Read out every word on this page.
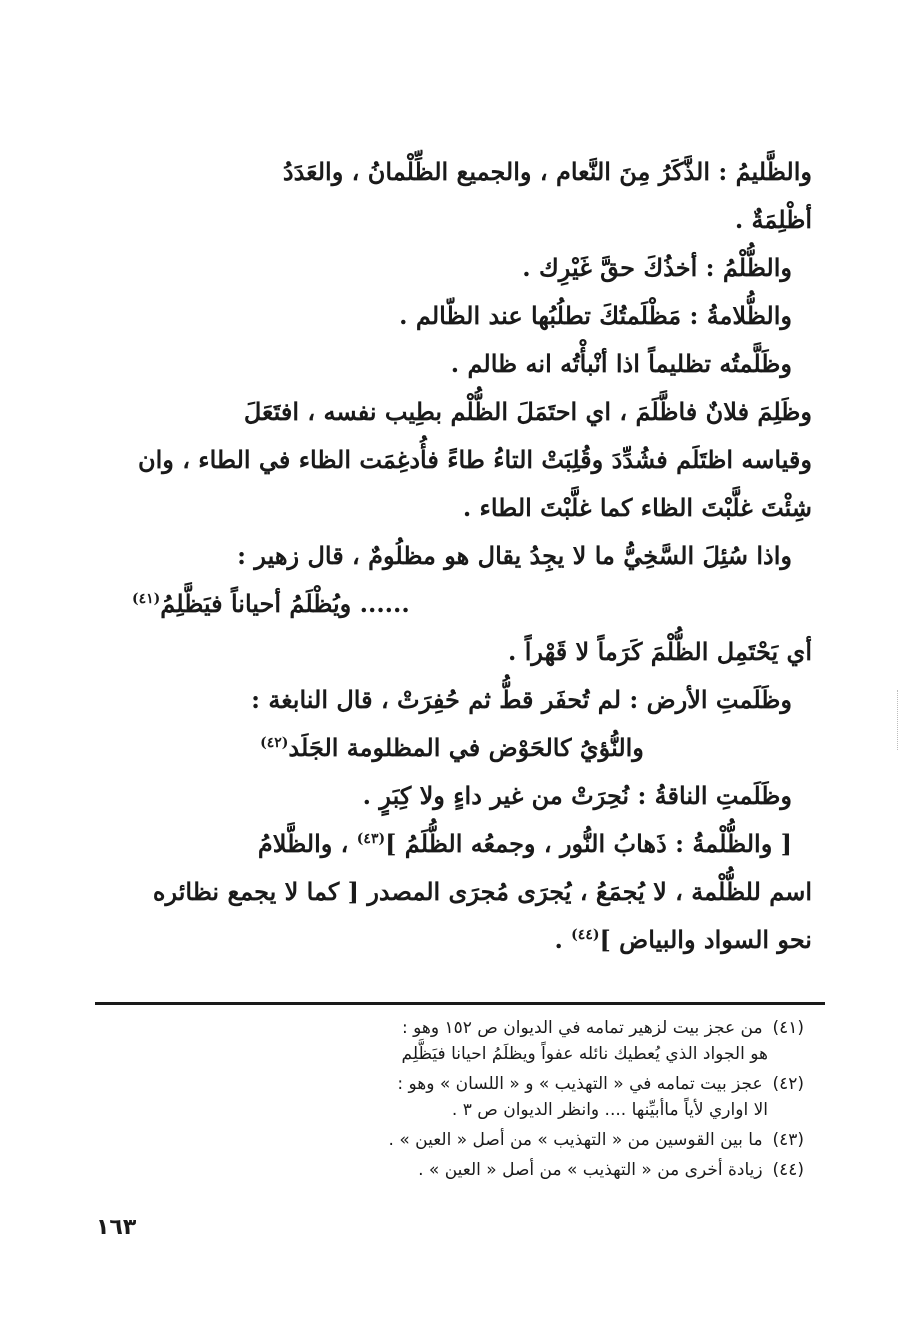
والظَّليمُ : الذَّكَرُ مِنَ النَّعام ، والجميع الظِّلْمانُ ، والعَدَدُ

أظْلِمَةٌ .

والظُّلْمُ : أخذُكَ حقَّ غَيْرِك .

والظُّلامةُ : مَظْلَمتُكَ تطلُبُها عند الظّالم .

وظَلَّمتُه تظليماً اذا أنْبأْتُه انه ظالم .

وظَلِمَ فلانٌ فاظَّلَمَ ، اي احتَمَلَ الظُّلْم بطِيب نفسه ، افتَعَلَ

وقياسه اظتَلَم فشُدِّدَ وقُلِبَتْ التاءُ طاءً فأُدغِمَت الظاء في الطاء ، وان

شِئْتَ غلَّبْتَ الظاء كما غلَّبْتَ الطاء .

واذا سُئِلَ السَّخِيُّ ما لا يجِدُ يقال هو مظلُومٌ ، قال زهير :

...... ويُظْلَمُ أحياناً فيَظَّلِمُ$^{(٤١)}$

أي يَحْتَمِل الظُّلْمَ كَرَماً لا قَهْراً .

وظَلَمتِ الأرض : لم تُحفَر قطُّ ثم حُفِرَتْ ، قال النابغة :

والنُّؤيُ كالحَوْض في المظلومة الجَلَد$^{(٤٢)}$

وظَلَمتِ الناقةُ : نُحِرَتْ من غير داءٍ ولا كِبَرٍ .

[ والظُّلْمةُ : ذَهابُ النُّور ، وجمعُه الظُّلَمُ ]$^{(٤٣)}$ ، والظَّلامُ

اسم للظُّلْمة ، لا يُجمَعُ ، يُجرَى مُجرَى المصدر [ كما لا يجمع نظائره

نحو السواد والبياض ]$^{(٤٤)}$ .

(٤١) من عجز بيت لزهير تمامه في الديوان ص ١٥٢ وهو :
هو الجواد الذي يُعطيك نائله عفواً ويظلَمُ احيانا فيَظَّلِم

(٤٢) عجز بيت تمامه في « التهذيب » و « اللسان » وهو :
الا اواري لأياً ماأبيِّنها .... وانظر الديوان ص ٣ .

(٤٣) ما بين القوسين من « التهذيب » من أصل « العين » .

(٤٤) زيادة أخرى من « التهذيب » من أصل « العين » .

١٦٣
